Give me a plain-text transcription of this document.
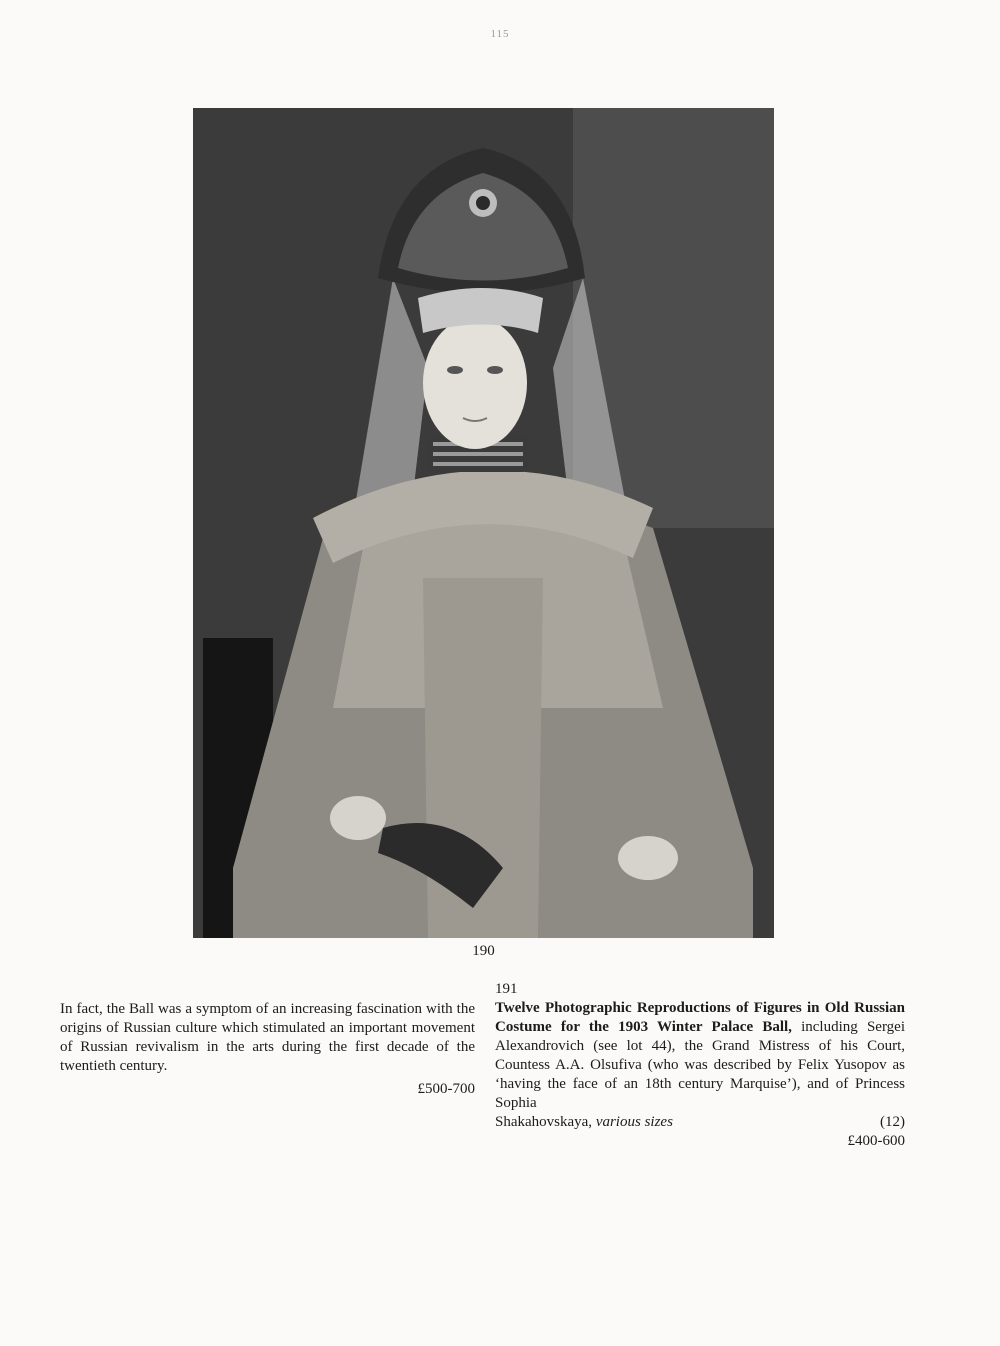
115
190

In fact, the Ball was a symptom of an increasing fascination with the origins of Russian culture which stimulated an important movement of Russian revivalism in the arts during the first decade of the twentieth century.

£500-700
191

Twelve Photographic Reproductions of Figures in Old Russian Costume for the 1903 Winter Palace Ball, including Sergei Alexandrovich (see lot 44), the Grand Mistress of his Court, Countess A.A. Olsufiva (who was described by Felix Yusopov as ‘having the face of an 18th century Marquise’), and of Princess Sophia

Shakahovskaya, various sizes	(12)
£400-600
